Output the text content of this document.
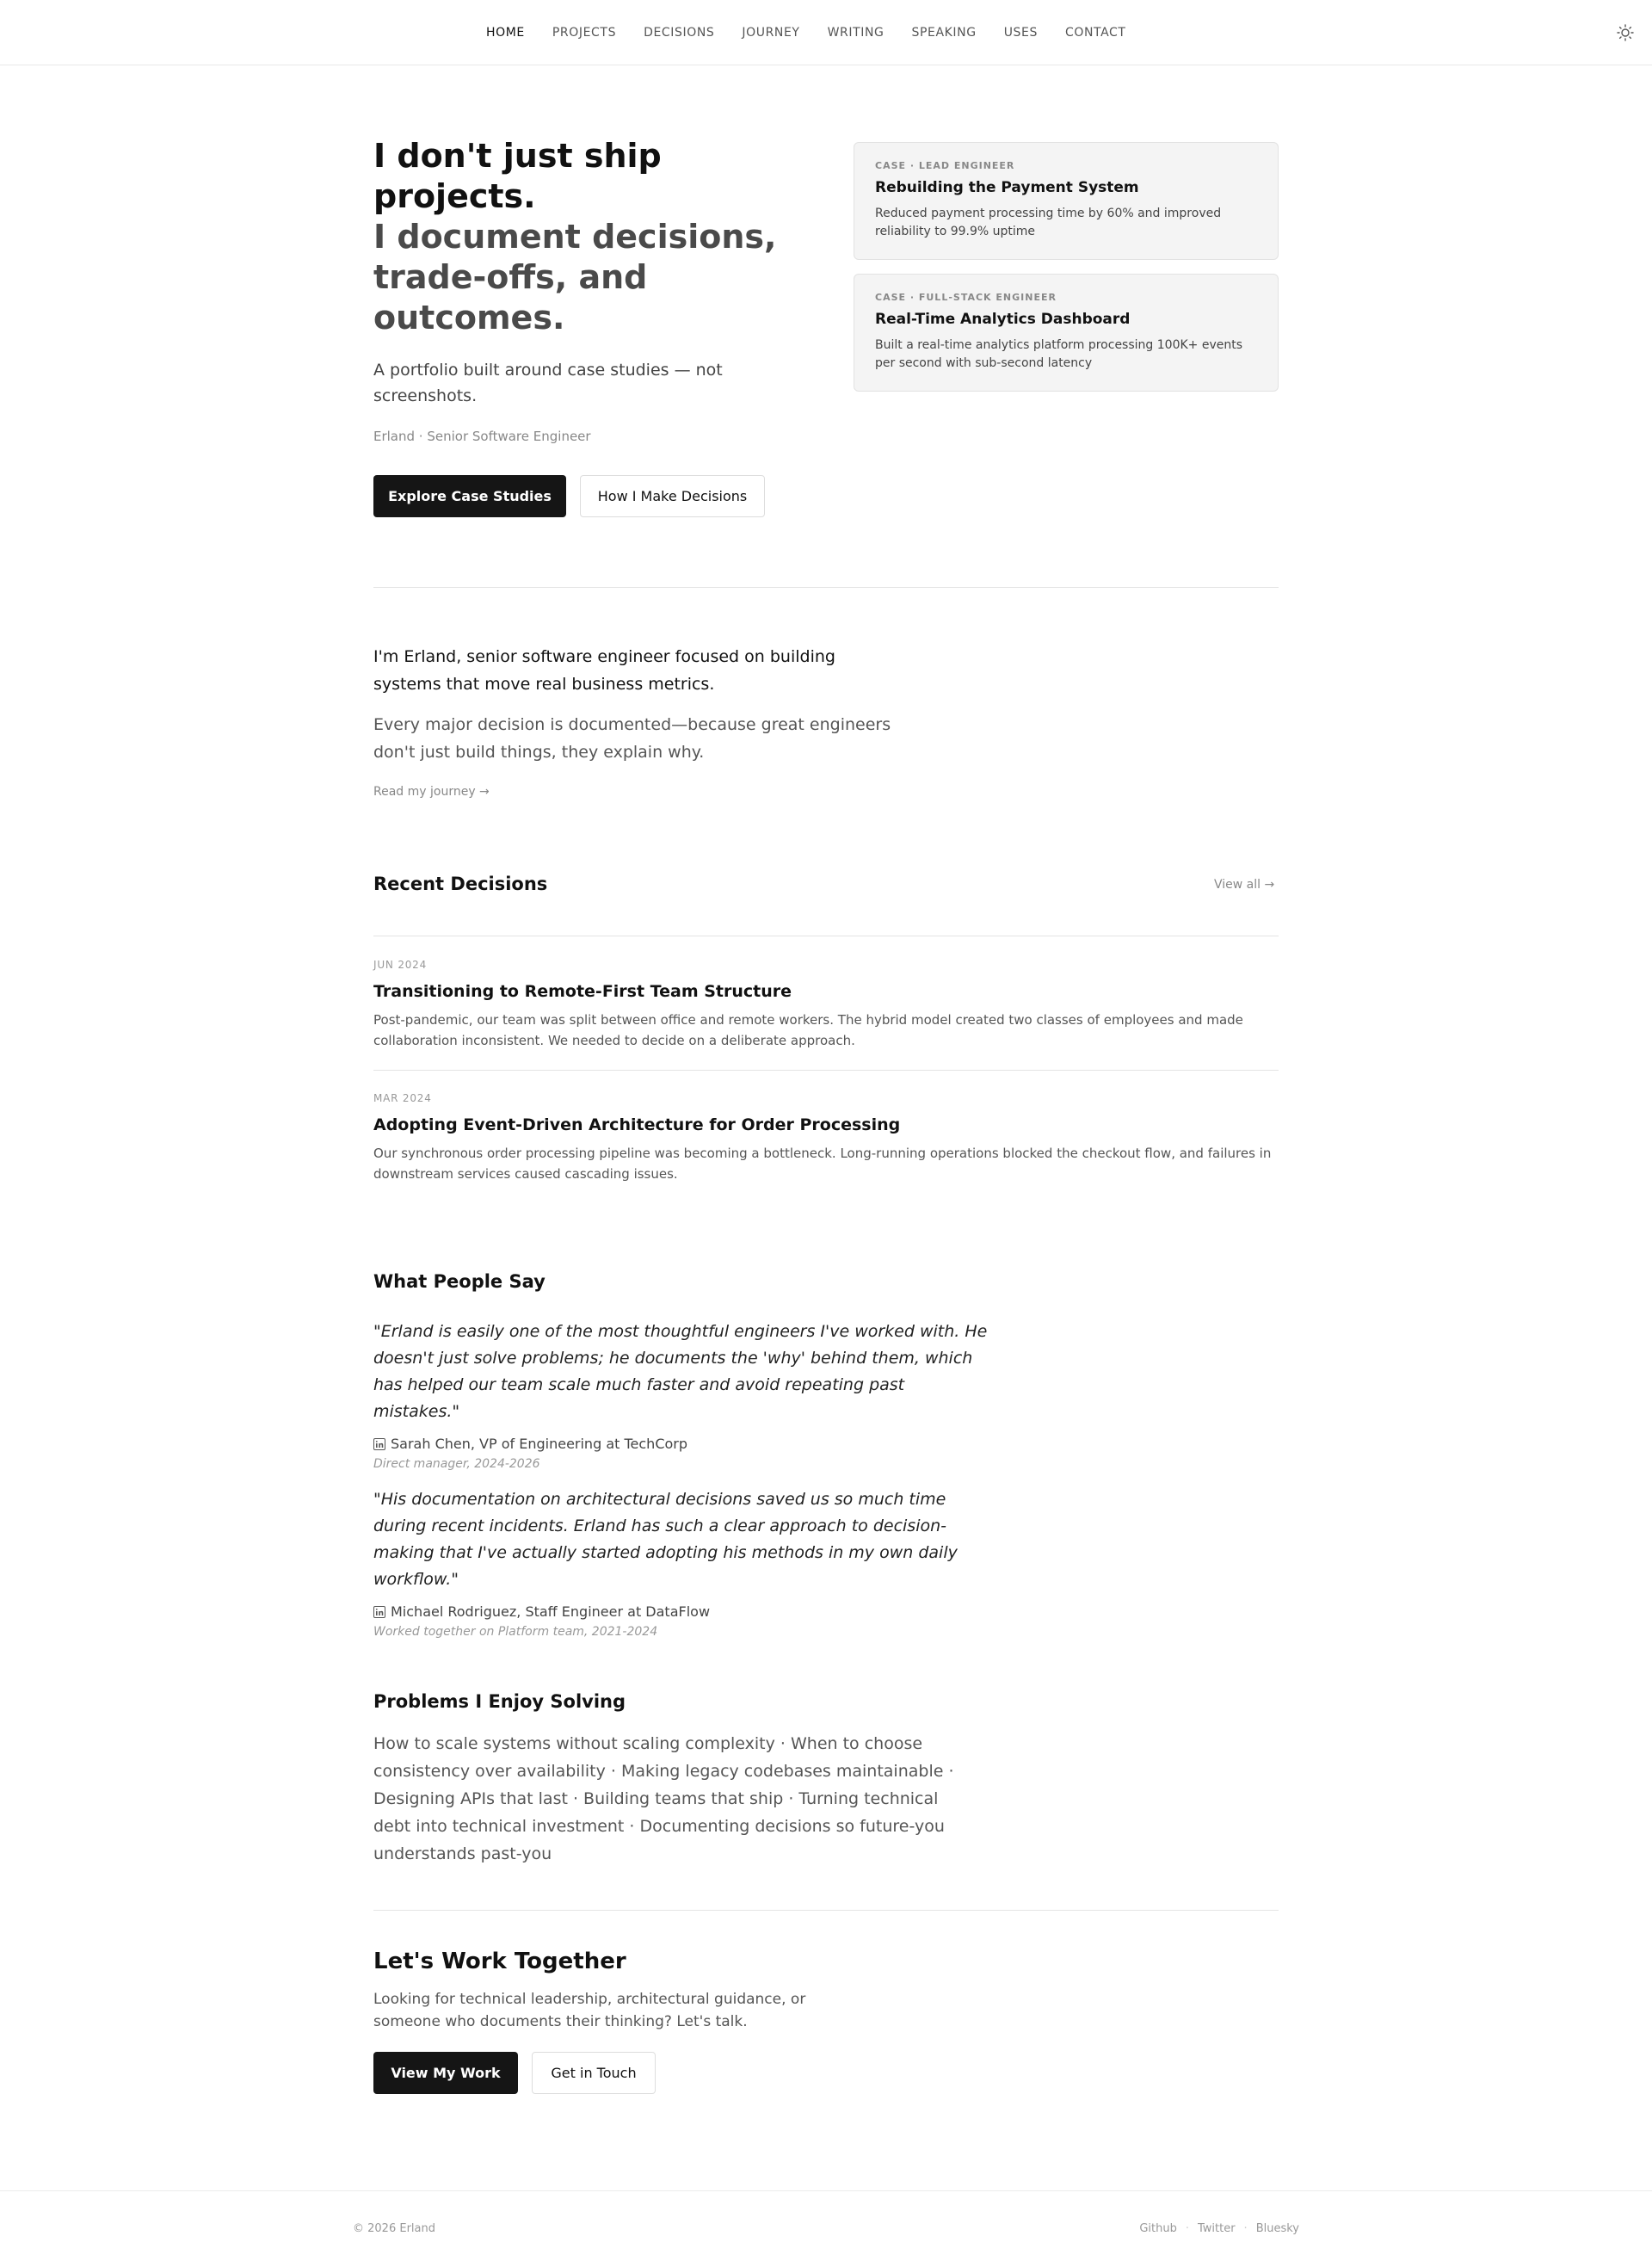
HOME PROJECTS DECISIONS JOURNEY WRITING SPEAKING USES CONTACT
I don't just ship projects.
I document decisions, trade-offs, and outcomes.

A portfolio built around case studies — not screenshots.

Erland · Senior Software Engineer

Explore Case Studies	How I Make Decisions
CASE · LEAD ENGINEER
Rebuilding the Payment System
Reduced payment processing time by 60% and improved reliability to 99.9% uptime
CASE · FULL-STACK ENGINEER
Real-Time Analytics Dashboard
Built a real-time analytics platform processing 100K+ events per second with sub-second latency

I'm Erland, senior software engineer focused on building systems that move real business metrics.

Every major decision is documented—because great engineers don't just build things, they explain why.

Read my journey →
Recent Decisions	View all →
JUN 2024
Transitioning to Remote-First Team Structure
Post-pandemic, our team was split between office and remote workers. The hybrid model created two classes of employees and made collaboration inconsistent. We needed to decide on a deliberate approach.
MAR 2024
Adopting Event-Driven Architecture for Order Processing
Our synchronous order processing pipeline was becoming a bottleneck. Long-running operations blocked the checkout flow, and failures in downstream services caused cascading issues.
What People Say

"Erland is easily one of the most thoughtful engineers I've worked with. He doesn't just solve problems; he documents the 'why' behind them, which has helped our team scale much faster and avoid repeating past mistakes."

Sarah Chen, VP of Engineering at TechCorp

Direct manager, 2024-2026

"His documentation on architectural decisions saved us so much time during recent incidents. Erland has such a clear approach to decision-making that I've actually started adopting his methods in my own daily workflow."

Michael Rodriguez, Staff Engineer at DataFlow

Worked together on Platform team, 2021-2024

Problems I Enjoy Solving

How to scale systems without scaling complexity · When to choose consistency over availability · Making legacy codebases maintainable · Designing APIs that last · Building teams that ship · Turning technical debt into technical investment · Documenting decisions so future-you understands past-you

Let's Work Together

Looking for technical leadership, architectural guidance, or someone who documents their thinking? Let's talk.

View My Work	Get in Touch
© 2026 Erland	Github · Twitter · Bluesky
